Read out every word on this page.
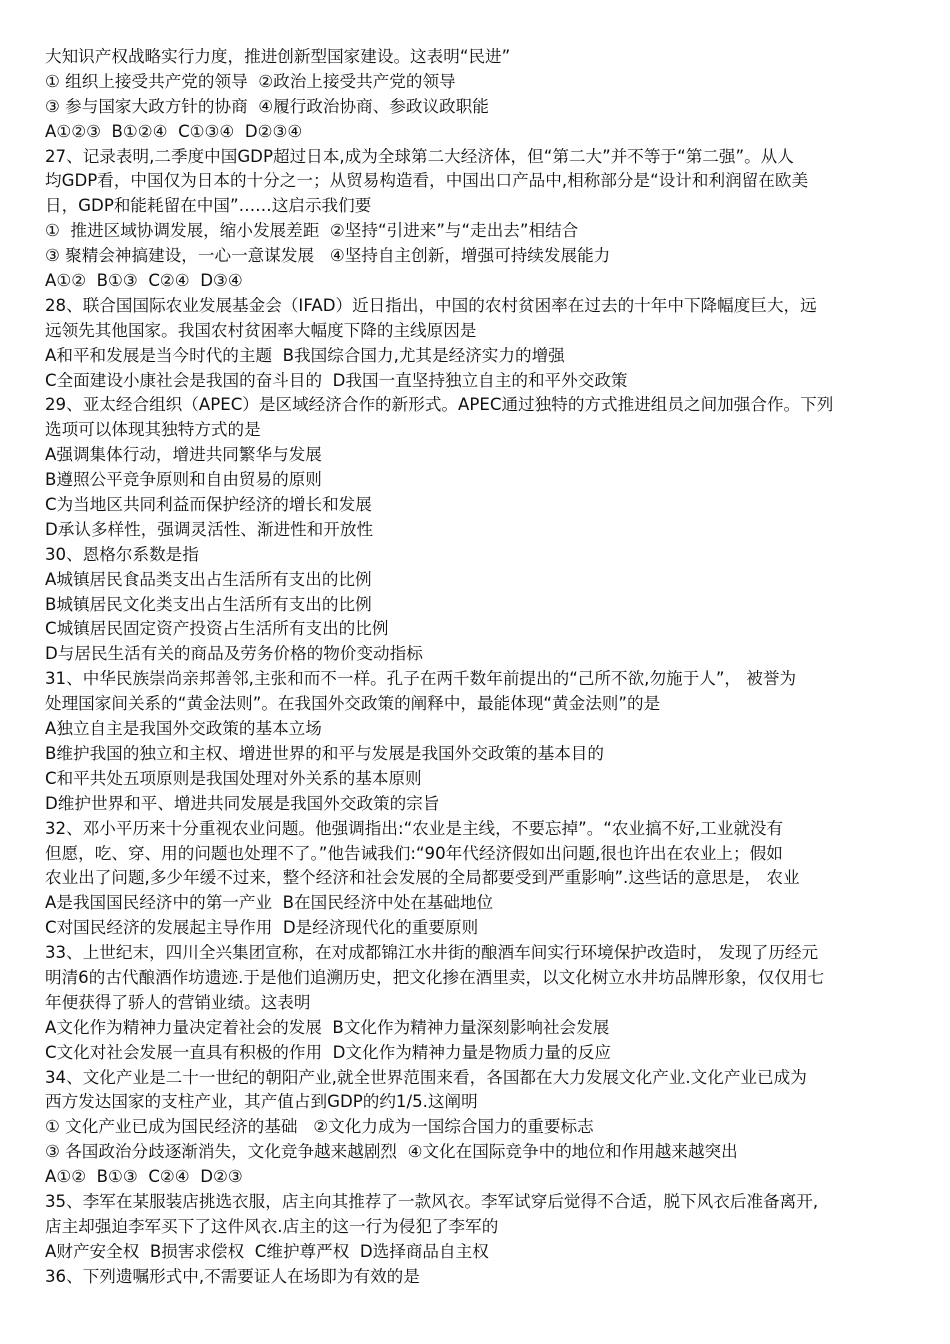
大知识产权战略实行力度，推进创新型国家建设。这表明“民进”
① 组织上接受共产党的领导  ②政治上接受共产党的领导
③ 参与国家大政方针的协商  ④履行政治协商、参政议政职能
A①②③  B①②④  C①③④  D②③④
27、记录表明,二季度中国GDP超过日本,成为全球第二大经济体，但“第二大”并不等于“第二强”。从人
均GDP看，中国仅为日本的十分之一；从贸易构造看，中国出口产品中,相称部分是“设计和利润留在欧美
日，GDP和能耗留在中国”……这启示我们要
①  推进区域协调发展，缩小发展差距  ②坚持“引进来”与“走出去”相结合
③ 聚精会神搞建设，一心一意谋发展   ④坚持自主创新，增强可持续发展能力
A①②  B①③  C②④  D③④
28、联合国国际农业发展基金会（IFAD）近日指出，中国的农村贫困率在过去的十年中下降幅度巨大，远
远领先其他国家。我国农村贫困率大幅度下降的主线原因是
A和平和发展是当今时代的主题  B我国综合国力,尤其是经济实力的增强
C全面建设小康社会是我国的奋斗目的  D我国一直坚持独立自主的和平外交政策
29、亚太经合组织（APEC）是区域经济合作的新形式。APEC通过独特的方式推进组员之间加强合作。下列
选项可以体现其独特方式的是
A强调集体行动，增进共同繁华与发展
B遵照公平竞争原则和自由贸易的原则
C为当地区共同利益而保护经济的增长和发展
D承认多样性，强调灵活性、渐进性和开放性
30、恩格尔系数是指
A城镇居民食品类支出占生活所有支出的比例
B城镇居民文化类支出占生活所有支出的比例
C城镇居民固定资产投资占生活所有支出的比例
D与居民生活有关的商品及劳务价格的物价变动指标
31、中华民族崇尚亲邦善邻,主张和而不一样。孔子在两千数年前提出的“己所不欲,勿施于人”， 被誉为
处理国家间关系的“黄金法则”。在我国外交政策的阐释中，最能体现“黄金法则”的是
A独立自主是我国外交政策的基本立场
B维护我国的独立和主权、增进世界的和平与发展是我国外交政策的基本目的
C和平共处五项原则是我国处理对外关系的基本原则
D维护世界和平、增进共同发展是我国外交政策的宗旨
32、邓小平历来十分重视农业问题。他强调指出:“农业是主线，不要忘掉”。“农业搞不好,工业就没有
但愿，吃、穿、用的问题也处理不了。”他告诫我们:“90年代经济假如出问题,很也许出在农业上；假如
农业出了问题,多少年缓不过来，整个经济和社会发展的全局都要受到严重影响”.这些话的意思是， 农业
A是我国国民经济中的第一产业  B在国民经济中处在基础地位
C对国民经济的发展起主导作用  D是经济现代化的重要原则
33、上世纪末，四川全兴集团宣称，在对成都锦江水井街的酿酒车间实行环境保护改造时， 发现了历经元
明清6的古代酿酒作坊遗迹.于是他们追溯历史，把文化掺在酒里卖，以文化树立水井坊品牌形象，仅仅用七
年便获得了骄人的营销业绩。这表明
A文化作为精神力量决定着社会的发展  B文化作为精神力量深刻影响社会发展
C文化对社会发展一直具有积极的作用  D文化作为精神力量是物质力量的反应
34、文化产业是二十一世纪的朝阳产业,就全世界范围来看，各国都在大力发展文化产业.文化产业已成为
西方发达国家的支柱产业，其产值占到GDP的约1/5.这阐明
① 文化产业已成为国民经济的基础   ②文化力成为一国综合国力的重要标志
③ 各国政治分歧逐渐消失，文化竞争越来越剧烈  ④文化在国际竞争中的地位和作用越来越突出
A①②  B①③  C②④  D②③
35、李军在某服装店挑选衣服，店主向其推荐了一款风衣。李军试穿后觉得不合适，脱下风衣后准备离开,
店主却强迫李军买下了这件风衣.店主的这一行为侵犯了李军的
A财产安全权  B损害求偿权  C维护尊严权  D选择商品自主权
36、下列遗嘱形式中,不需要证人在场即为有效的是
